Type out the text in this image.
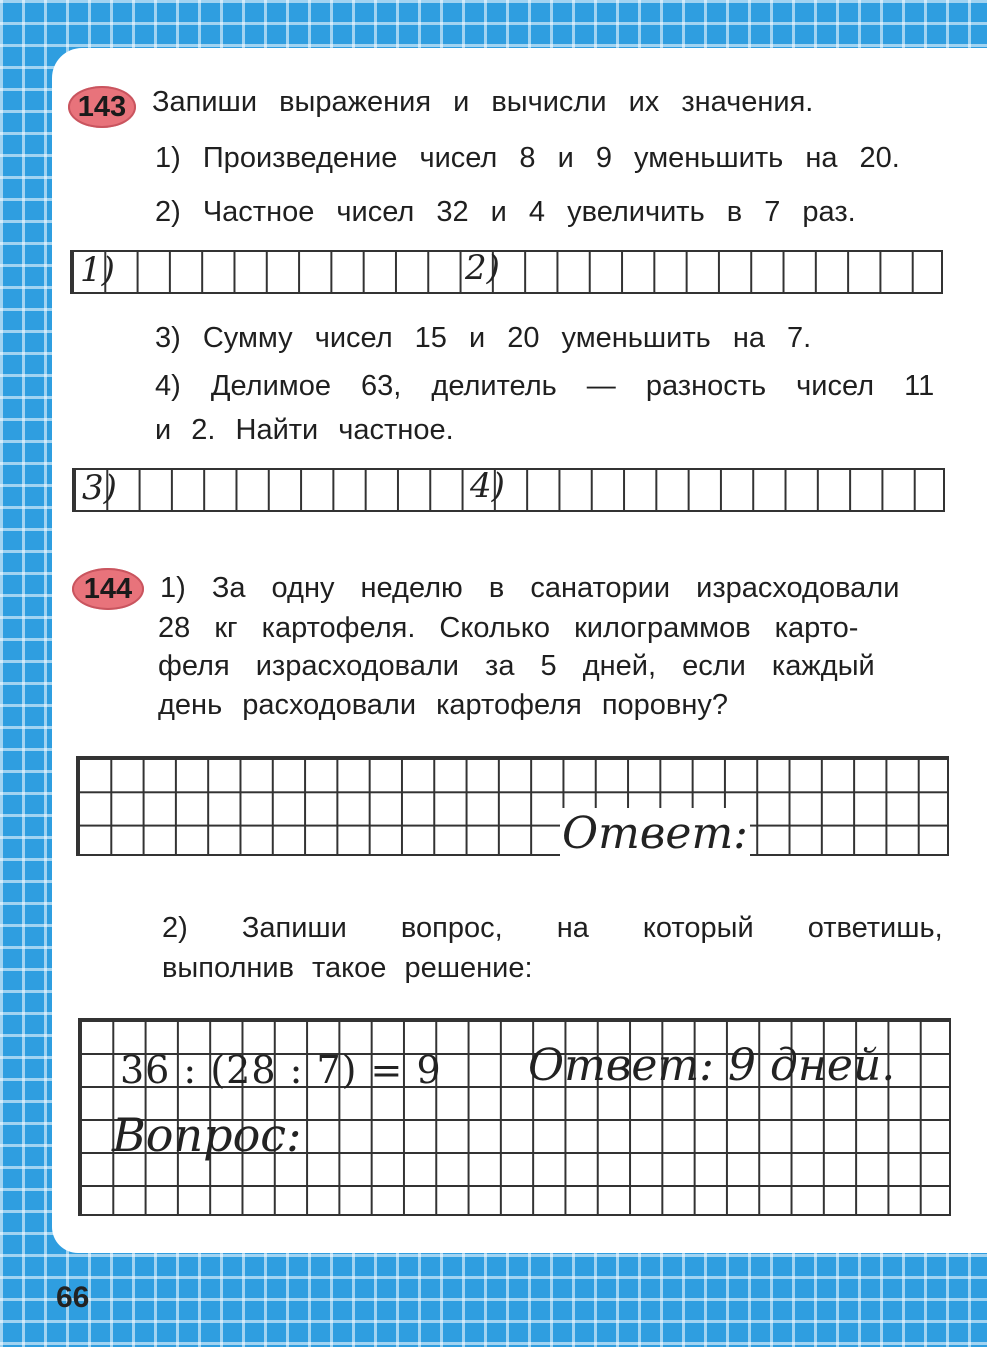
143 Запиши выражения и вычисли их значения.
1) Произведение чисел 8 и 9 уменьшить на 20.
2) Частное чисел 32 и 4 увеличить в 7 раз.
1)	2)
3) Сумму чисел 15 и 20 уменьшить на 7.
4) Делимое 63, делитель — разность чисел 11
и 2. Найти частное.
3)	4)
144 1) За одну неделю в санатории израсходовали
28 кг картофеля. Сколько килограммов карто-
феля израсходовали за 5 дней, если каждый
день расходовали картофеля поровну?
Ответ:
2) Запиши вопрос, на который ответишь,
выполнив такое решение:
36 : (28 : 7) = 9 Ответ: 9 дней.
Вопрос:
66
